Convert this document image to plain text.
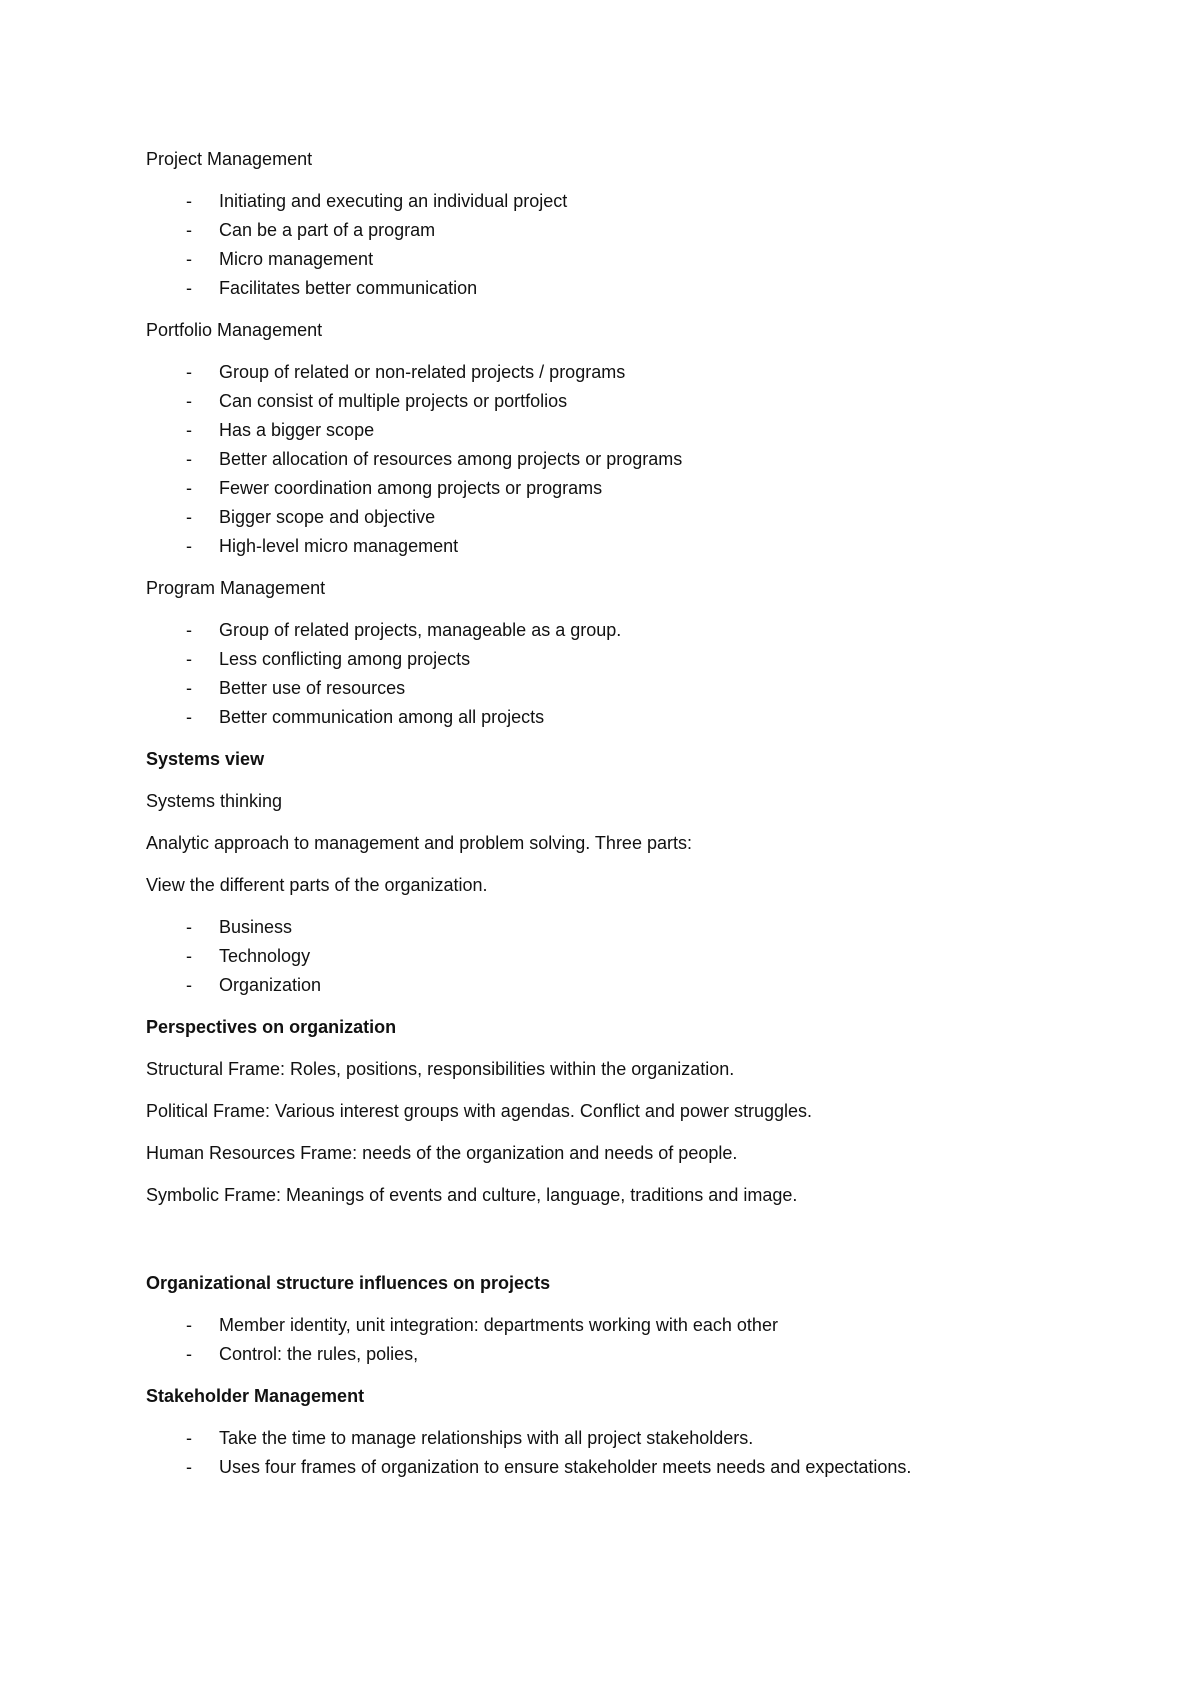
Project Management

- Initiating and executing an individual project
- Can be a part of a program
- Micro management
- Facilitates better communication

Portfolio Management

- Group of related or non-related projects / programs
- Can consist of multiple projects or portfolios
- Has a bigger scope
- Better allocation of resources among projects or programs
- Fewer coordination among projects or programs
- Bigger scope and objective
- High-level micro management

Program Management

- Group of related projects, manageable as a group.
- Less conflicting among projects
- Better use of resources
- Better communication among all projects

Systems view

Systems thinking

Analytic approach to management and problem solving. Three parts:

View the different parts of the organization.

- Business
- Technology
- Organization

Perspectives on organization

Structural Frame: Roles, positions, responsibilities within the organization.

Political Frame: Various interest groups with agendas. Conflict and power struggles.

Human Resources Frame: needs of the organization and needs of people.

Symbolic Frame: Meanings of events and culture, language, traditions and image.

Organizational structure influences on projects

- Member identity, unit integration: departments working with each other
- Control: the rules, polies,

Stakeholder Management

- Take the time to manage relationships with all project stakeholders.
- Uses four frames of organization to ensure stakeholder meets needs and expectations.
